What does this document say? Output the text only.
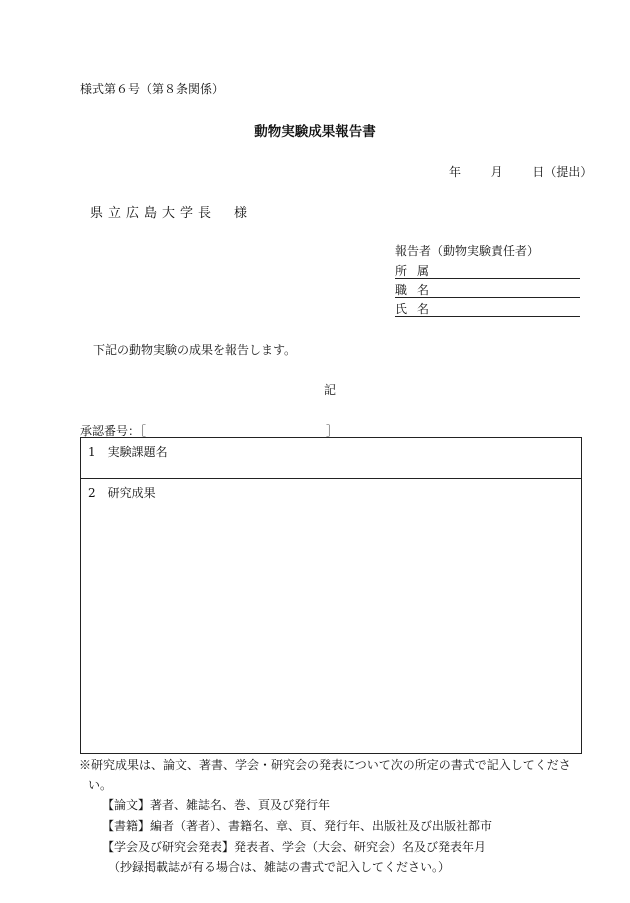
様式第６号（第８条関係）
動物実験成果報告書
年 月 日（提出）
県立広島大学長　様
報告者（動物実験責任者）
所属
職名
氏名
下記の動物実験の成果を報告します。
記
承認番号：［　　　　　　　　　　　　　　　］
1　実験課題名
2　研究成果
※研究成果は、論文、著書、学会・研究会の発表について次の所定の書式で記入してくださ
い。
【論文】著者、雑誌名、巻、頁及び発行年
【書籍】編者（著者）、書籍名、章、頁、発行年、出版社及び出版社都市
【学会及び研究会発表】発表者、学会（大会、研究会）名及び発表年月
（抄録掲載誌が有る場合は、雑誌の書式で記入してください。）
